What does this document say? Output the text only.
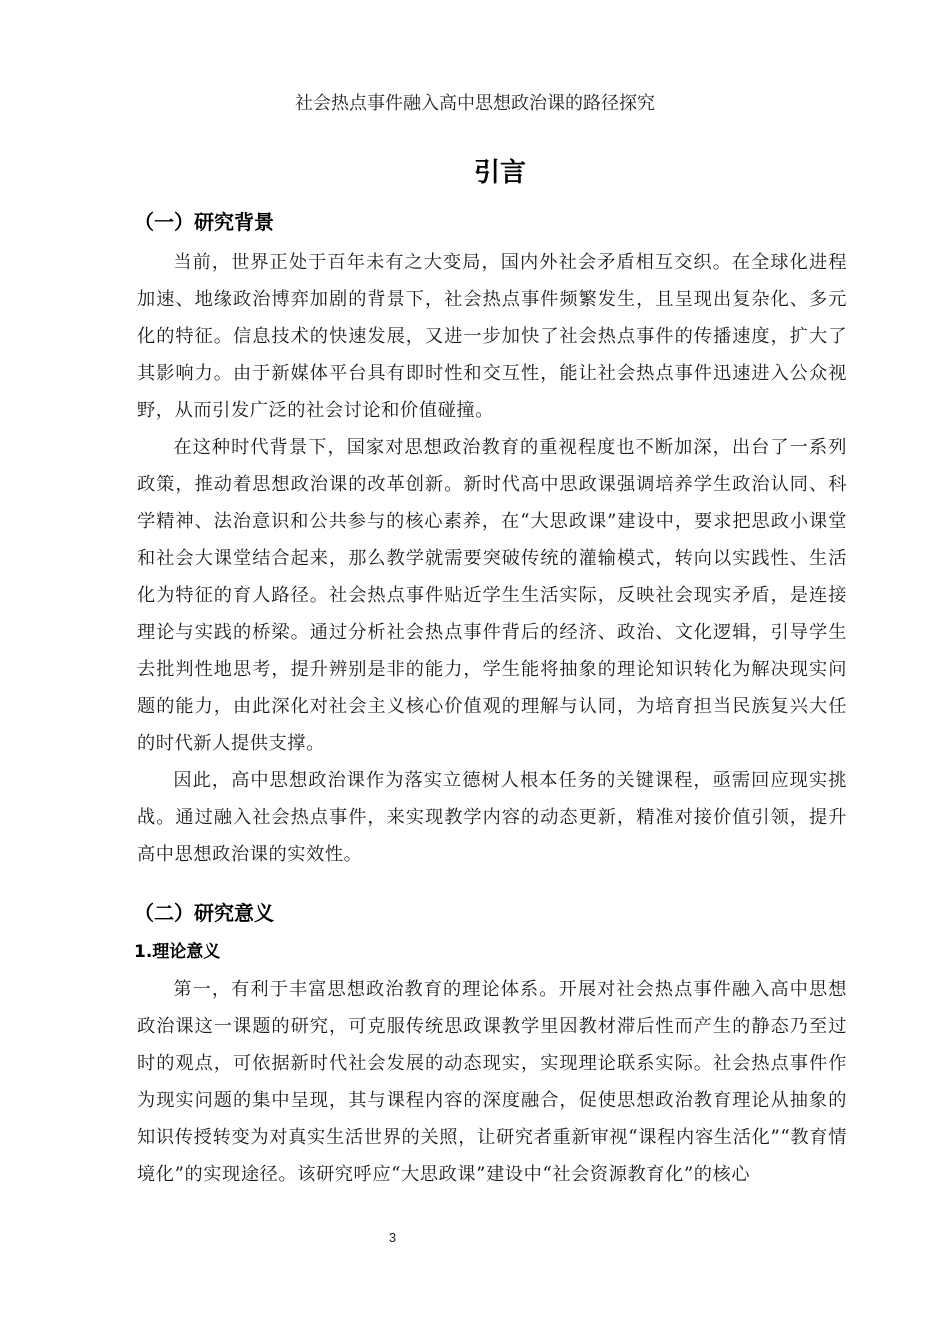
社会热点事件融入高中思想政治课的路径探究
引言
（一）研究背景

当前，世界正处于百年未有之大变局，国内外社会矛盾相互交织。在全球化进程加速、地缘政治博弈加剧的背景下，社会热点事件频繁发生，且呈现出复杂化、多元化的特征。信息技术的快速发展，又进一步加快了社会热点事件的传播速度，扩大了其影响力。由于新媒体平台具有即时性和交互性，能让社会热点事件迅速进入公众视野，从而引发广泛的社会讨论和价值碰撞。

在这种时代背景下，国家对思想政治教育的重视程度也不断加深，出台了一系列政策，推动着思想政治课的改革创新。新时代高中思政课强调培养学生政治认同、科学精神、法治意识和公共参与的核心素养，在“大思政课”建设中，要求把思政小课堂和社会大课堂结合起来，那么教学就需要突破传统的灌输模式，转向以实践性、生活化为特征的育人路径。社会热点事件贴近学生生活实际，反映社会现实矛盾，是连接理论与实践的桥梁。通过分析社会热点事件背后的经济、政治、文化逻辑，引导学生去批判性地思考，提升辨别是非的能力，学生能将抽象的理论知识转化为解决现实问题的能力，由此深化对社会主义核心价值观的理解与认同，为培育担当民族复兴大任的时代新人提供支撑。

因此，高中思想政治课作为落实立德树人根本任务的关键课程，亟需回应现实挑战。通过融入社会热点事件，来实现教学内容的动态更新，精准对接价值引领，提升高中思想政治课的实效性。

（二）研究意义
1.理论意义

第一，有利于丰富思想政治教育的理论体系。开展对社会热点事件融入高中思想政治课这一课题的研究，可克服传统思政课教学里因教材滞后性而产生的静态乃至过时的观点，可依据新时代社会发展的动态现实，实现理论联系实际。社会热点事件作为现实问题的集中呈现，其与课程内容的深度融合，促使思想政治教育理论从抽象的知识传授转变为对真实生活世界的关照，让研究者重新审视“课程内容生活化”“教育情境化”的实现途径。该研究呼应“大思政课”建设中“社会资源教育化”的核心

3
